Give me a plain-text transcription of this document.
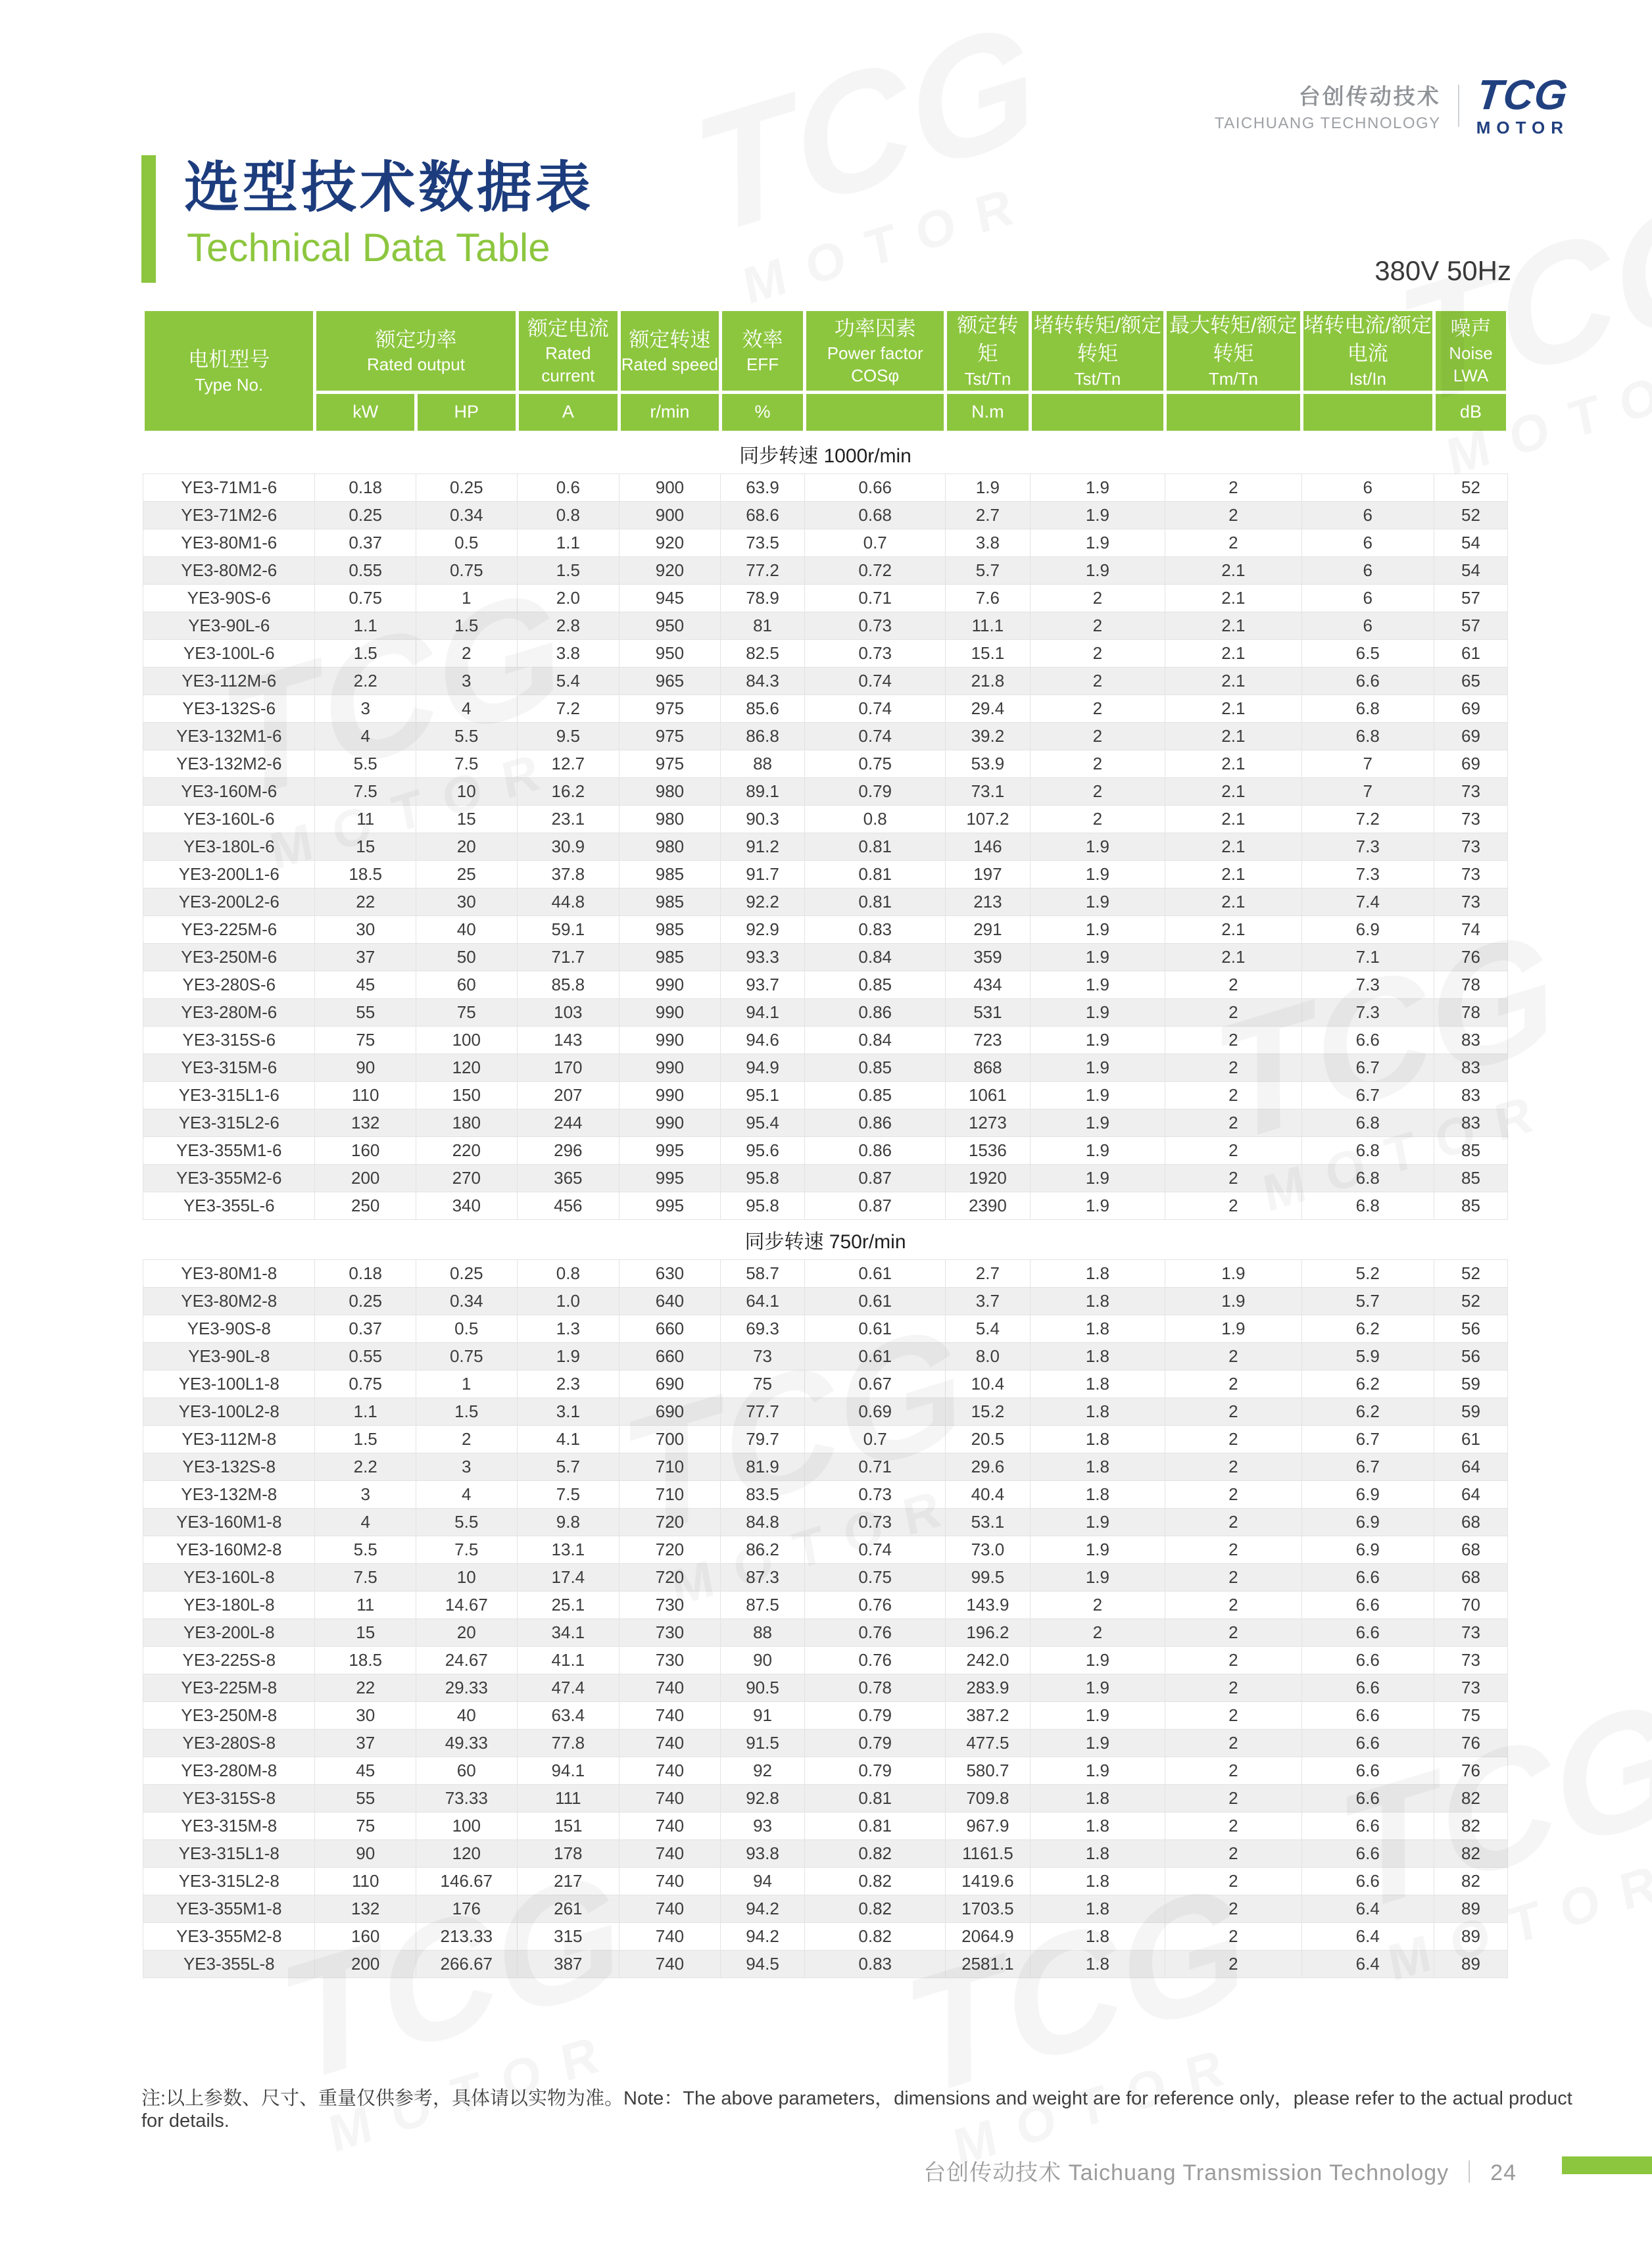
台创传动技术
TAICHUANG TECHNOLOGY
TCG
MOTOR
选型技术数据表
Technical Data Table
380V 50Hz
电机型号
Type No.

额定功率
Rated output

额定电流
Rated current

额定转速
Rated speed

效率
EFF

功率因素
Power factor COSφ

额定转矩
Tst/Tn

堵转转矩/额定转矩
Tst/Tn

最大转矩/额定转矩
Tm/Tn

堵转电流/额定电流
Ist/In

噪声
Noise LWA

	kW	HP	A	r/min	%		N.m				dB
同步转速 1000r/min											
YE3-71M1-6	0.18	0.25	0.6	900	63.9	0.66	1.9	1.9	2	6	52
YE3-71M2-6	0.25	0.34	0.8	900	68.6	0.68	2.7	1.9	2	6	52
YE3-80M1-6	0.37	0.5	1.1	920	73.5	0.7	3.8	1.9	2	6	54
YE3-80M2-6	0.55	0.75	1.5	920	77.2	0.72	5.7	1.9	2.1	6	54
YE3-90S-6	0.75	1	2.0	945	78.9	0.71	7.6	2	2.1	6	57
YE3-90L-6	1.1	1.5	2.8	950	81	0.73	11.1	2	2.1	6	57
YE3-100L-6	1.5	2	3.8	950	82.5	0.73	15.1	2	2.1	6.5	61
YE3-112M-6	2.2	3	5.4	965	84.3	0.74	21.8	2	2.1	6.6	65
YE3-132S-6	3	4	7.2	975	85.6	0.74	29.4	2	2.1	6.8	69
YE3-132M1-6	4	5.5	9.5	975	86.8	0.74	39.2	2	2.1	6.8	69
YE3-132M2-6	5.5	7.5	12.7	975	88	0.75	53.9	2	2.1	7	69
YE3-160M-6	7.5	10	16.2	980	89.1	0.79	73.1	2	2.1	7	73
YE3-160L-6	11	15	23.1	980	90.3	0.8	107.2	2	2.1	7.2	73
YE3-180L-6	15	20	30.9	980	91.2	0.81	146	1.9	2.1	7.3	73
YE3-200L1-6	18.5	25	37.8	985	91.7	0.81	197	1.9	2.1	7.3	73
YE3-200L2-6	22	30	44.8	985	92.2	0.81	213	1.9	2.1	7.4	73
YE3-225M-6	30	40	59.1	985	92.9	0.83	291	1.9	2.1	6.9	74
YE3-250M-6	37	50	71.7	985	93.3	0.84	359	1.9	2.1	7.1	76
YE3-280S-6	45	60	85.8	990	93.7	0.85	434	1.9	2	7.3	78
YE3-280M-6	55	75	103	990	94.1	0.86	531	1.9	2	7.3	78
YE3-315S-6	75	100	143	990	94.6	0.84	723	1.9	2	6.6	83
YE3-315M-6	90	120	170	990	94.9	0.85	868	1.9	2	6.7	83
YE3-315L1-6	110	150	207	990	95.1	0.85	1061	1.9	2	6.7	83
YE3-315L2-6	132	180	244	990	95.4	0.86	1273	1.9	2	6.8	83
YE3-355M1-6	160	220	296	995	95.6	0.86	1536	1.9	2	6.8	85
YE3-355M2-6	200	270	365	995	95.8	0.87	1920	1.9	2	6.8	85
YE3-355L-6	250	340	456	995	95.8	0.87	2390	1.9	2	6.8	85
同步转速 750r/min											
YE3-80M1-8	0.18	0.25	0.8	630	58.7	0.61	2.7	1.8	1.9	5.2	52
YE3-80M2-8	0.25	0.34	1.0	640	64.1	0.61	3.7	1.8	1.9	5.7	52
YE3-90S-8	0.37	0.5	1.3	660	69.3	0.61	5.4	1.8	1.9	6.2	56
YE3-90L-8	0.55	0.75	1.9	660	73	0.61	8.0	1.8	2	5.9	56
YE3-100L1-8	0.75	1	2.3	690	75	0.67	10.4	1.8	2	6.2	59
YE3-100L2-8	1.1	1.5	3.1	690	77.7	0.69	15.2	1.8	2	6.2	59
YE3-112M-8	1.5	2	4.1	700	79.7	0.7	20.5	1.8	2	6.7	61
YE3-132S-8	2.2	3	5.7	710	81.9	0.71	29.6	1.8	2	6.7	64
YE3-132M-8	3	4	7.5	710	83.5	0.73	40.4	1.8	2	6.9	64
YE3-160M1-8	4	5.5	9.8	720	84.8	0.73	53.1	1.9	2	6.9	68
YE3-160M2-8	5.5	7.5	13.1	720	86.2	0.74	73.0	1.9	2	6.9	68
YE3-160L-8	7.5	10	17.4	720	87.3	0.75	99.5	1.9	2	6.6	68
YE3-180L-8	11	14.67	25.1	730	87.5	0.76	143.9	2	2	6.6	70
YE3-200L-8	15	20	34.1	730	88	0.76	196.2	2	2	6.6	73
YE3-225S-8	18.5	24.67	41.1	730	90	0.76	242.0	1.9	2	6.6	73
YE3-225M-8	22	29.33	47.4	740	90.5	0.78	283.9	1.9	2	6.6	73
YE3-250M-8	30	40	63.4	740	91	0.79	387.2	1.9	2	6.6	75
YE3-280S-8	37	49.33	77.8	740	91.5	0.79	477.5	1.9	2	6.6	76
YE3-280M-8	45	60	94.1	740	92	0.79	580.7	1.9	2	6.6	76
YE3-315S-8	55	73.33	111	740	92.8	0.81	709.8	1.8	2	6.6	82
YE3-315M-8	75	100	151	740	93	0.81	967.9	1.8	2	6.6	82
YE3-315L1-8	90	120	178	740	93.8	0.82	1161.5	1.8	2	6.6	82
YE3-315L2-8	110	146.67	217	740	94	0.82	1419.6	1.8	2	6.6	82
YE3-355M1-8	132	176	261	740	94.2	0.82	1703.5	1.8	2	6.4	89
YE3-355M2-8	160	213.33	315	740	94.2	0.82	2064.9	1.8	2	6.4	89
YE3-355L-8	200	266.67	387	740	94.5	0.83	2581.1	1.8	2	6.4	89
注:以上参数、尺寸、重量仅供参考，具体请以实物为准。Note：The above parameters，dimensions and weight are for reference only，please refer to the actual product for details.
台创传动技术 Taichuang Transmission Technology ｜ 24
